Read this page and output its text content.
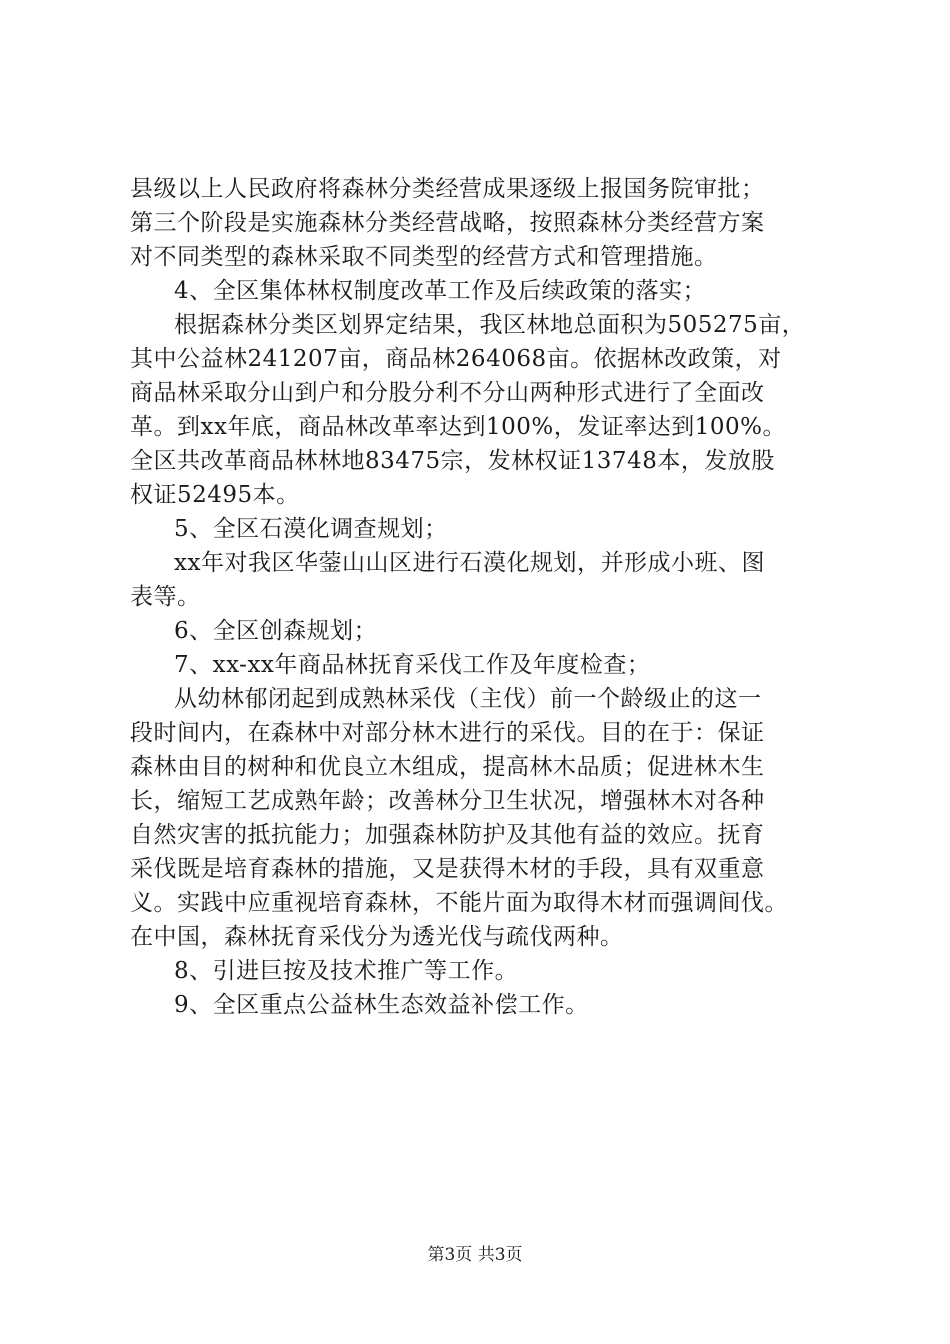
县级以上人民政府将森林分类经营成果逐级上报国务院审批；
第三个阶段是实施森林分类经营战略，按照森林分类经营方案
对不同类型的森林采取不同类型的经营方式和管理措施。
4、全区集体林权制度改革工作及后续政策的落实；
根据森林分类区划界定结果，我区林地总面积为505275亩，
其中公益林241207亩，商品林264068亩。依据林改政策，对
商品林采取分山到户和分股分利不分山两种形式进行了全面改
革。到xx年底，商品林改革率达到100%，发证率达到100%。
全区共改革商品林林地83475宗，发林权证13748本，发放股
权证52495本。
5、全区石漠化调查规划；
xx年对我区华蓥山山区进行石漠化规划，并形成小班、图
表等。
6、全区创森规划；
7、xx-xx年商品林抚育采伐工作及年度检查；
从幼林郁闭起到成熟林采伐（主伐）前一个龄级止的这一
段时间内，在森林中对部分林木进行的采伐。目的在于：保证
森林由目的树种和优良立木组成，提高林木品质；促进林木生
长，缩短工艺成熟年龄；改善林分卫生状况，增强林木对各种
自然灾害的抵抗能力；加强森林防护及其他有益的效应。抚育
采伐既是培育森林的措施，又是获得木材的手段，具有双重意
义。实践中应重视培育森林，不能片面为取得木材而强调间伐。
在中国，森林抚育采伐分为透光伐与疏伐两种。
8、引进巨按及技术推广等工作。
9、全区重点公益林生态效益补偿工作。
第3页 共3页
